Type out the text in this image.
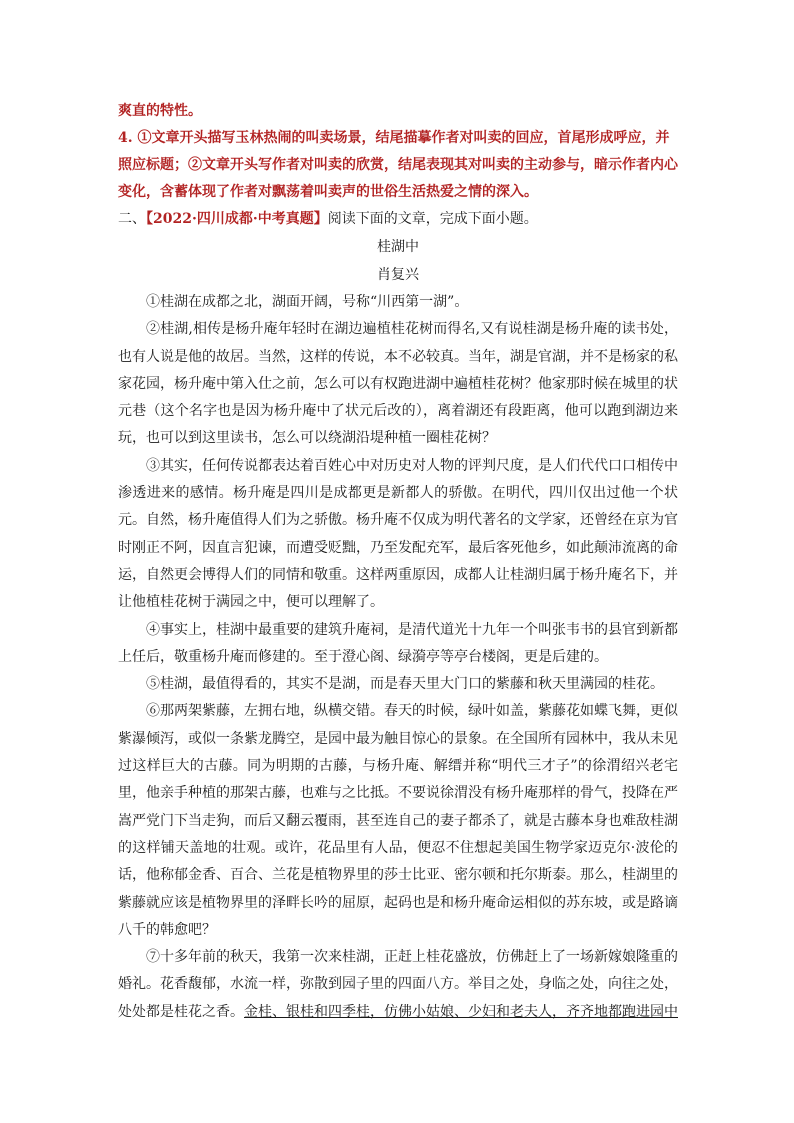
爽直的特性。

4. ①文章开头描写玉林热闹的叫卖场景，结尾描摹作者对叫卖的回应，首尾形成呼应，并照应标题；②文章开头写作者对叫卖的欣赏，结尾表现其对叫卖的主动参与，暗示作者内心变化，含蓄体现了作者对飘荡着叫卖声的世俗生活热爱之情的深入。

二、【2022·四川成都·中考真题】阅读下面的文章，完成下面小题。

桂湖中

肖复兴

①桂湖在成都之北，湖面开阔，号称“川西第一湖”。

②桂湖,相传是杨升庵年轻时在湖边遍植桂花树而得名,又有说桂湖是杨升庵的读书处，也有人说是他的故居。当然，这样的传说，本不必较真。当年，湖是官湖，并不是杨家的私家花园，杨升庵中第入仕之前，怎么可以有权跑进湖中遍植桂花树？他家那时候在城里的状元巷（这个名字也是因为杨升庵中了状元后改的），离着湖还有段距离，他可以跑到湖边来玩，也可以到这里读书，怎么可以绕湖沿堤种植一圈桂花树？

③其实，任何传说都表达着百姓心中对历史对人物的评判尺度，是人们代代口口相传中渗透进来的感情。杨升庵是四川是成都更是新都人的骄傲。在明代，四川仅出过他一个状元。自然，杨升庵值得人们为之骄傲。杨升庵不仅成为明代著名的文学家，还曾经在京为官时刚正不阿，因直言犯谏，而遭受贬黜，乃至发配充军，最后客死他乡，如此颠沛流离的命运，自然更会博得人们的同情和敬重。这样两重原因，成都人让桂湖归属于杨升庵名下，并让他植桂花树于满园之中，便可以理解了。

④事实上，桂湖中最重要的建筑升庵祠，是清代道光十九年一个叫张韦书的县官到新都上任后，敬重杨升庵而修建的。至于澄心阁、绿漪亭等亭台楼阁，更是后建的。

⑤桂湖，最值得看的，其实不是湖，而是春天里大门口的紫藤和秋天里满园的桂花。

⑥那两架紫藤，左拥右地，纵横交错。春天的时候，绿叶如盖，紫藤花如蝶飞舞，更似紫瀑倾泻，或似一条紫龙腾空，是园中最为触目惊心的景象。在全国所有园林中，我从未见过这样巨大的古藤。同为明期的古藤，与杨升庵、解缙并称“明代三才子”的徐渭绍兴老宅里，他亲手种植的那架古藤，也难与之比抵。不要说徐渭没有杨升庵那样的骨气，投降在严嵩严党门下当走狗，而后又翻云覆雨，甚至连自己的妻子都杀了，就是古藤本身也难敌桂湖的这样铺天盖地的壮观。或许，花品里有人品，便忍不住想起美国生物学家迈克尔·波伦的话，他称郁金香、百合、兰花是植物界里的莎士比亚、密尔顿和托尔斯泰。那么，桂湖里的紫藤就应该是植物界里的泽畔长吟的屈原，起码也是和杨升庵命运相似的苏东坡，或是路谪八千的韩愈吧？

⑦十多年前的秋天，我第一次来桂湖，正赶上桂花盛放，仿佛赶上了一场新嫁娘隆重的婚礼。花香馥郁，水流一样，弥散到园子里的四面八方。举目之处，身临之处，向往之处，处处都是桂花之香。金桂、银桂和四季桂，仿佛小姑娘、少妇和老夫人，齐齐地都跑进园中
